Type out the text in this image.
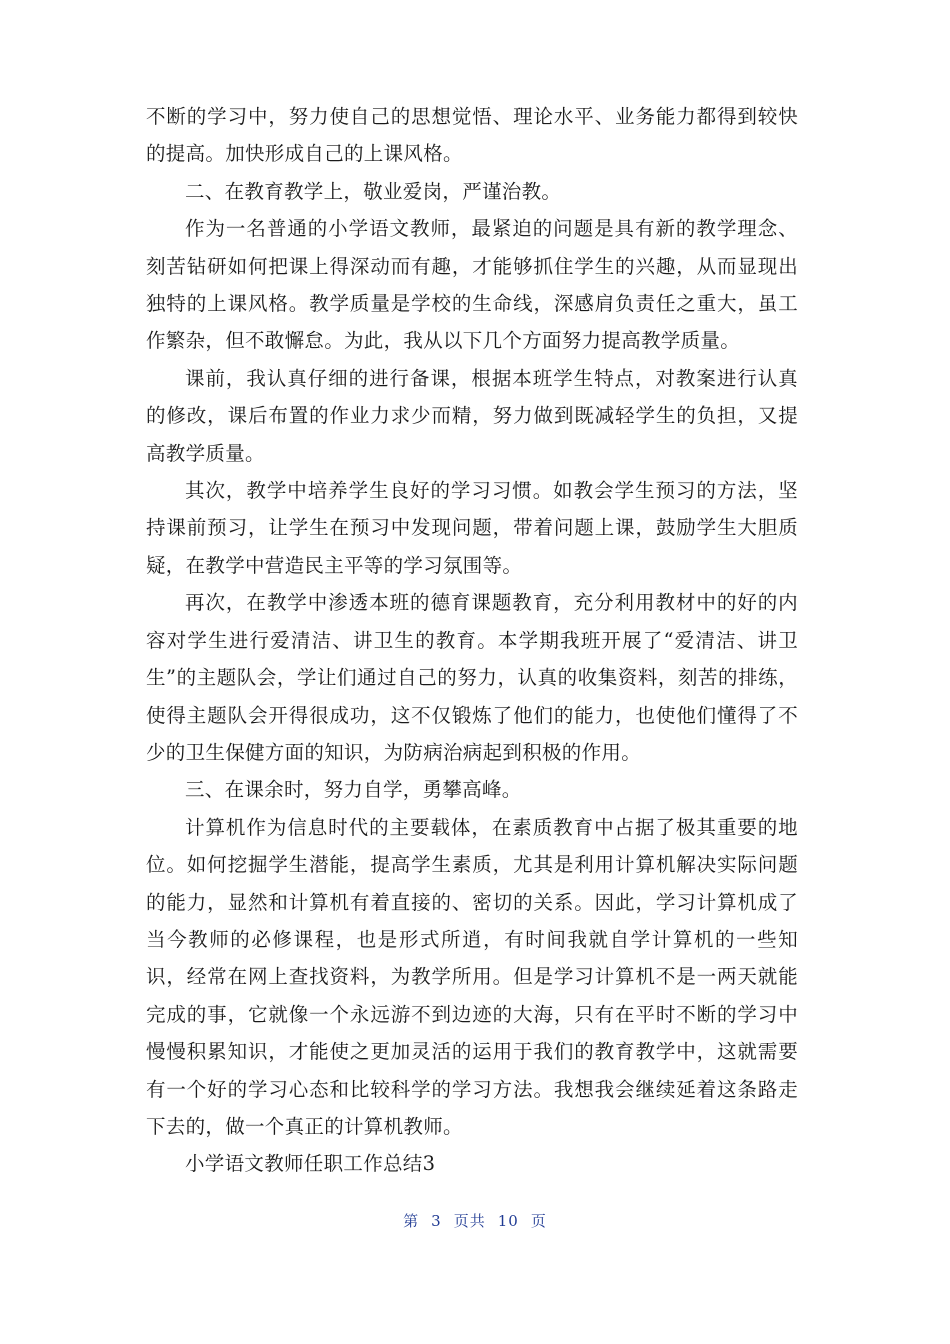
不断的学习中，努力使自己的思想觉悟、理论水平、业务能力都得到较快的提高。加快形成自己的上课风格。

二、在教育教学上，敬业爱岗，严谨治教。

作为一名普通的小学语文教师，最紧迫的问题是具有新的教学理念、刻苦钻研如何把课上得深动而有趣，才能够抓住学生的兴趣，从而显现出独特的上课风格。教学质量是学校的生命线，深感肩负责任之重大，虽工作繁杂，但不敢懈怠。为此，我从以下几个方面努力提高教学质量。

课前，我认真仔细的进行备课，根据本班学生特点，对教案进行认真的修改，课后布置的作业力求少而精，努力做到既减轻学生的负担，又提高教学质量。

其次，教学中培养学生良好的学习习惯。如教会学生预习的方法，坚持课前预习，让学生在预习中发现问题，带着问题上课，鼓励学生大胆质疑，在教学中营造民主平等的学习氛围等。

再次，在教学中渗透本班的德育课题教育，充分利用教材中的好的内容对学生进行爱清洁、讲卫生的教育。本学期我班开展了“爱清洁、讲卫生”的主题队会，学让们通过自己的努力，认真的收集资料，刻苦的排练，使得主题队会开得很成功，这不仅锻炼了他们的能力，也使他们懂得了不少的卫生保健方面的知识，为防病治病起到积极的作用。

三、在课余时，努力自学，勇攀高峰。

计算机作为信息时代的主要载体，在素质教育中占据了极其重要的地位。如何挖掘学生潜能，提高学生素质，尤其是利用计算机解决实际问题的能力，显然和计算机有着直接的、密切的关系。因此，学习计算机成了当今教师的必修课程，也是形式所逍，有时间我就自学计算机的一些知识，经常在网上查找资料，为教学所用。但是学习计算机不是一两天就能完成的事，它就像一个永远游不到边迹的大海，只有在平时不断的学习中慢慢积累知识，才能使之更加灵活的运用于我们的教育教学中，这就需要有一个好的学习心态和比较科学的学习方法。我想我会继续延着这条路走下去的，做一个真正的计算机教师。

小学语文教师任职工作总结3

第 3 页共 10 页
